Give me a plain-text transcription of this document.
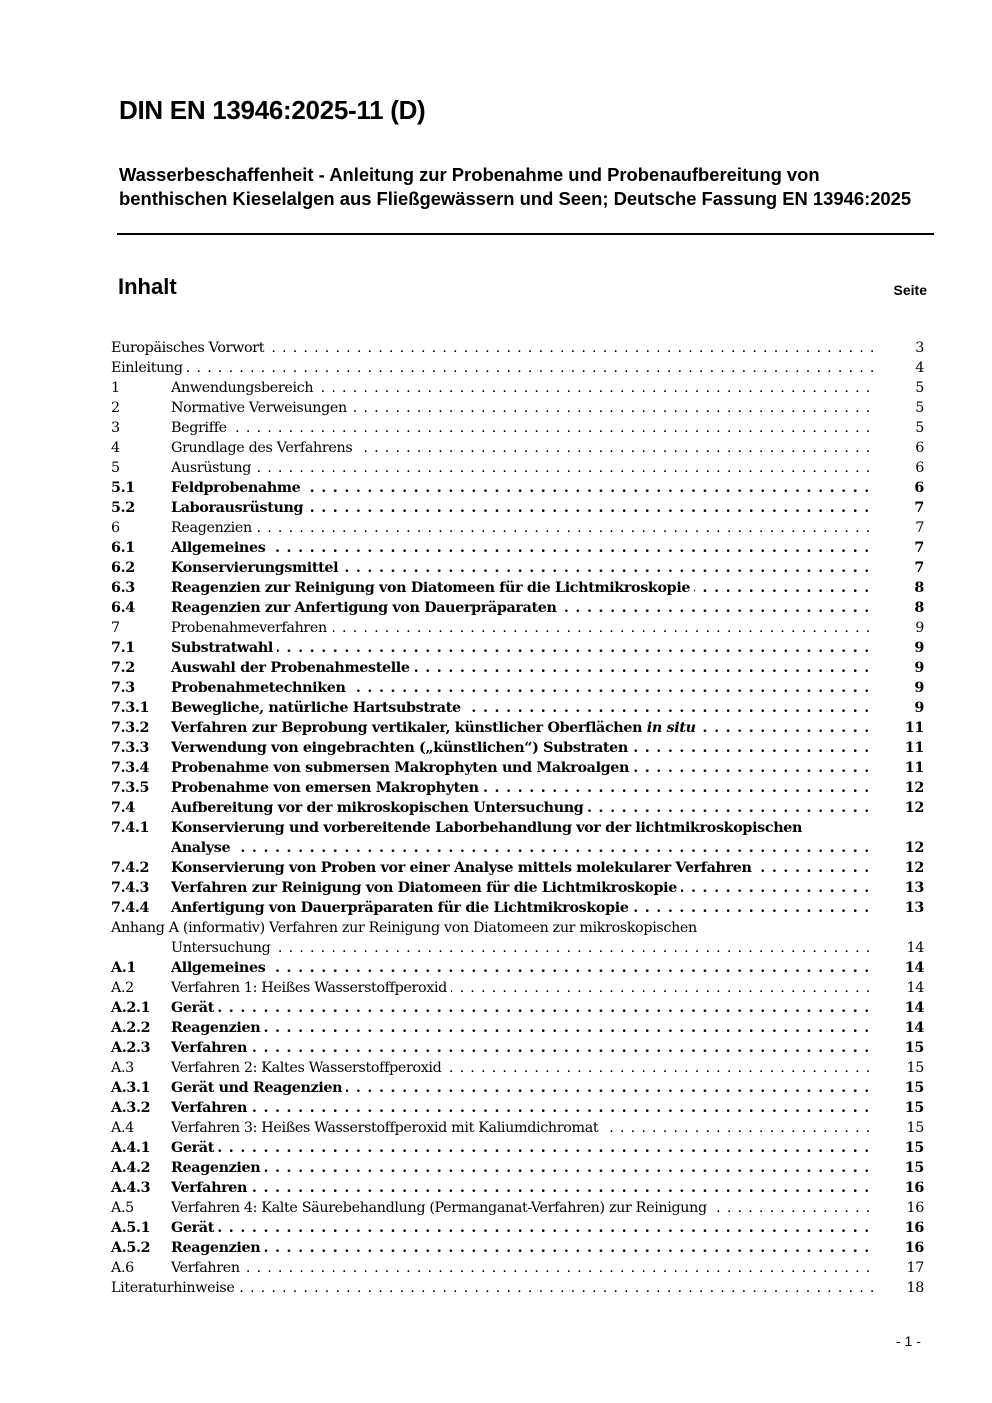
DIN EN 13946:2025-11 (D)

Wasserbeschaffenheit - Anleitung zur Probenahme und Probenaufbereitung von benthischen Kieselalgen aus Fließgewässern und Seen; Deutsche Fassung EN 13946:2025

Inhalt	Seite
. . . Europäisches Vorwort	3
. . . Einleitung	4
1	. . . Anwendungsbereich	5
2	. . . Normative Verweisungen	5
3	. . . Begriffe	5
4	. . . Grundlage des Verfahrens	6
5	. . . Ausrüstung	6
5.1	. . . Feldprobenahme	6
5.2	. . . Laborausrüstung	7
6	. . . Reagenzien	7
6.1	. . . Allgemeines	7
6.2	. . . Konservierungsmittel	7
6.3	. . . Reagenzien zur Reinigung von Diatomeen für die Lichtmikroskopie	8
6.4	. . . Reagenzien zur Anfertigung von Dauerpräparaten	8
7	. . . Probenahmeverfahren	9
7.1	. . . Substratwahl	9
7.2	. . . Auswahl der Probenahmestelle	9
7.3	. . . Probenahmetechniken	9
7.3.1	. . . Bewegliche, natürliche Hartsubstrate	9
7.3.2	. . . Verfahren zur Beprobung vertikaler, künstlicher Oberflächen in situ	11
7.3.3	. . . Verwendung von eingebrachten („künstlichen“) Substraten	11
7.3.4	. . . Probenahme von submersen Makrophyten und Makroalgen	11
7.3.5	. . . Probenahme von emersen Makrophyten	12
7.4	. . . Aufbereitung vor der mikroskopischen Untersuchung	12
7.4.1	Konservierung und vorbereitende Laborbehandlung vor der lichtmikroskopischen
. . . Analyse	12
7.4.2	. . . Konservierung von Proben vor einer Analyse mittels molekularer Verfahren	12
7.4.3	. . . Verfahren zur Reinigung von Diatomeen für die Lichtmikroskopie	13
7.4.4	. . . Anfertigung von Dauerpräparaten für die Lichtmikroskopie	13
Anhang A (informativ) Verfahren zur Reinigung von Diatomeen zur mikroskopischen
. . . Untersuchung	14
A.1	. . . Allgemeines	14
A.2	. . . Verfahren 1: Heißes Wasserstoffperoxid	14
A.2.1	. . . Gerät	14
A.2.2	. . . Reagenzien	14
A.2.3	. . . Verfahren	15
A.3	. . . Verfahren 2: Kaltes Wasserstoffperoxid	15
A.3.1	. . . Gerät und Reagenzien	15
A.3.2	. . . Verfahren	15
A.4	. . . Verfahren 3: Heißes Wasserstoffperoxid mit Kaliumdichromat	15
A.4.1	. . . Gerät	15
A.4.2	. . . Reagenzien	15
A.4.3	. . . Verfahren	16
A.5	. . . Verfahren 4: Kalte Säurebehandlung (Permanganat-Verfahren) zur Reinigung	16
A.5.1	. . . Gerät	16
A.5.2	. . . Reagenzien	16
A.6	. . . Verfahren	17
. . . Literaturhinweise	18
- 1 -
